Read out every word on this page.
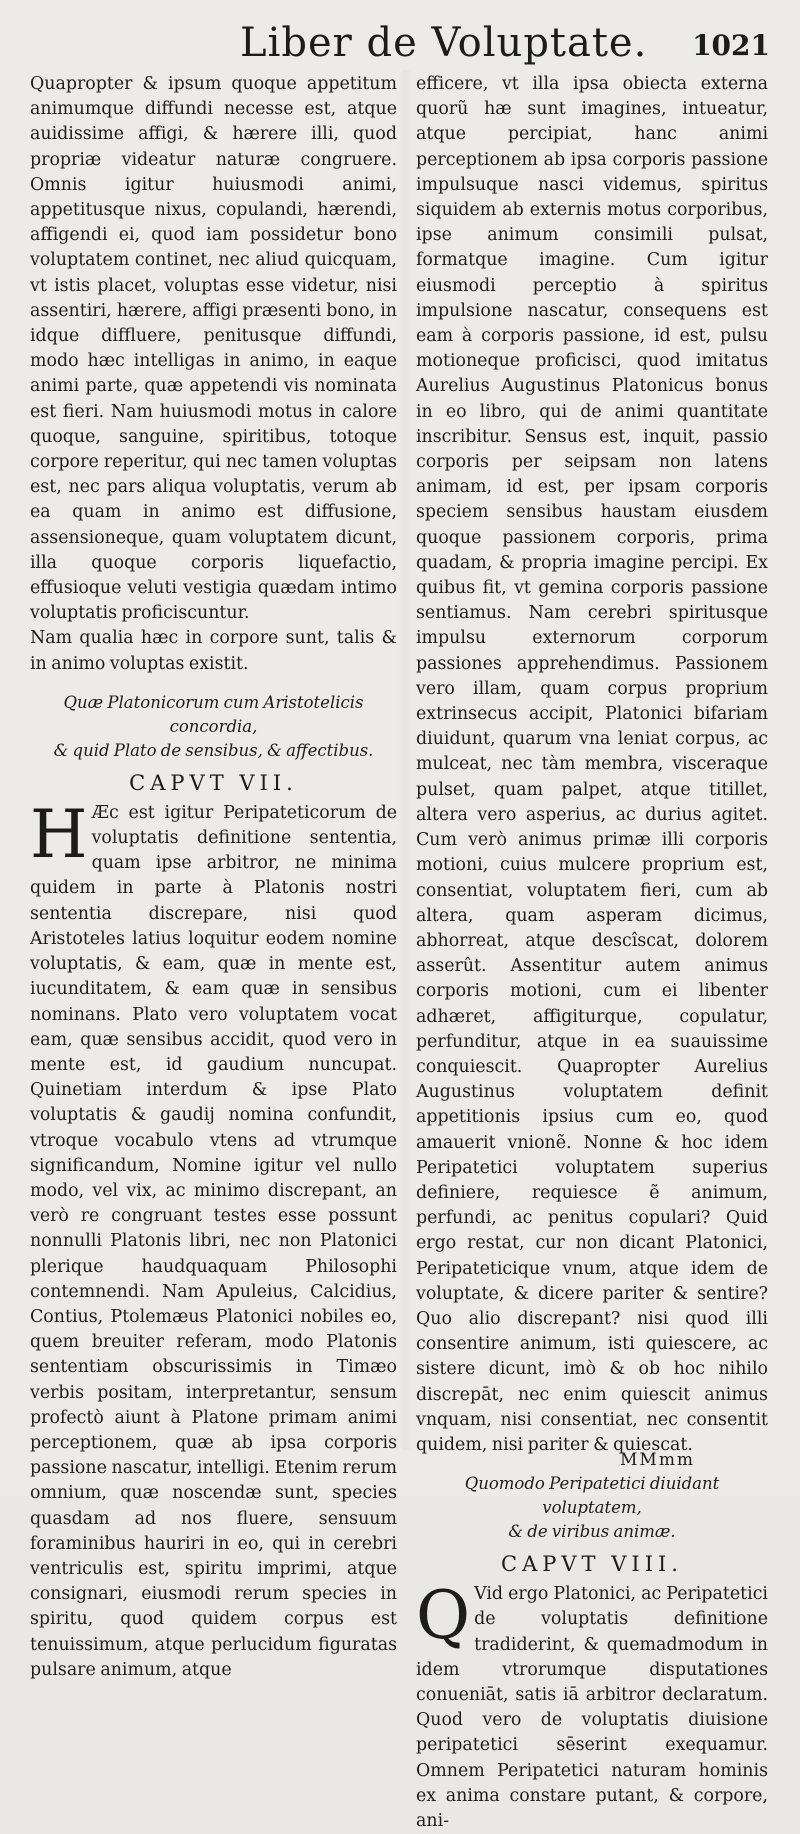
Liber de Voluptate. 1021

Quapropter & ipsum quoque appetitum animumque diffundi necesse est, atque auidissime affigi, & hærere illi, quod propriæ videatur naturæ congruere. Omnis igitur huiusmodi animi, appetitusque nixus, copulandi, hærendi, affigendi ei, quod iam possidetur bono voluptatem continet, nec aliud quicquam, vt istis placet, voluptas esse videtur, nisi assentiri, hærere, affigi præsenti bono, in idque diffluere, penitusque diffundi, modo hæc intelligas in animo, in eaque animi parte, quæ appetendi vis nominata est fieri. Nam huiusmodi motus in calore quoque, sanguine, spiritibus, totoque corpore reperitur, qui nec tamen voluptas est, nec pars aliqua voluptatis, verum ab ea quam in animo est diffusione, assensioneque, quam voluptatem dicunt, illa quoque corporis liquefactio, effusioque veluti vestigia quædam intimo voluptatis proficiscuntur.

Nam qualia hæc in corpore sunt, talis & in animo voluptas existit.

Quæ Platonicorum cum Aristotelicis concordia,
& quid Plato de sensibus, & affectibus.
CAPVT VII.

H Æc est igitur Peripateticorum de voluptatis definitione sententia, quam ipse arbitror, ne minima quidem in parte à Platonis nostri sententia discrepare, nisi quod Aristoteles latius loquitur eodem nomine voluptatis, & eam, quæ in mente est, iucunditatem, & eam quæ in sensibus nominans. Plato vero voluptatem vocat eam, quæ sensibus accidit, quod vero in mente est, id gaudium nuncupat. Quinetiam interdum & ipse Plato voluptatis & gaudij nomina confundit, vtroque vocabulo vtens ad vtrumque significandum, Nomine igitur vel nullo modo, vel vix, ac minimo discrepant, an verò re congruant testes esse possunt nonnulli Platonis libri, nec non Platonici plerique haudquaquam Philosophi contemnendi. Nam Apuleius, Calcidius, Contius, Ptolemæus Platonici nobiles eo, quem breuiter referam, modo Platonis sententiam obscurissimis in Timæo verbis positam, interpretantur, sensum profectò aiunt à Platone primam animi perceptionem, quæ ab ipsa corporis passione nascatur, intelligi. Etenim rerum omnium, quæ noscendæ sunt, species quasdam ad nos fluere, sensuum foraminibus hauriri in eo, qui in cerebri ventriculis est, spiritu imprimi, atque consignari, eiusmodi rerum species in spiritu, quod quidem corpus est tenuissimum, atque perlucidum figuratas pulsare animum, atque

efficere, vt illa ipsa obiecta externa quorũ hæ sunt imagines, intueatur, atque percipiat, hanc animi perceptionem ab ipsa corporis passione impulsuque nasci videmus, spiritus siquidem ab externis motus corporibus, ipse animum consimili pulsat, formatque imagine. Cum igitur eiusmodi perceptio à spiritus impulsione nascatur, consequens est eam à corporis passione, id est, pulsu motioneque proficisci, quod imitatus Aurelius Augustinus Platonicus bonus in eo libro, qui de animi quantitate inscribitur. Sensus est, inquit, passio corporis per seipsam non latens animam, id est, per ipsam corporis speciem sensibus haustam eiusdem quoque passionem corporis, prima quadam, & propria imagine percipi. Ex quibus fit, vt gemina corporis passione sentiamus. Nam cerebri spiritusque impulsu externorum corporum passiones apprehendimus. Passionem vero illam, quam corpus proprium extrinsecus accipit, Platonici bifariam diuidunt, quarum vna leniat corpus, ac mulceat, nec tàm membra, visceraque pulset, quam palpet, atque titillet, altera vero asperius, ac durius agitet. Cum verò animus primæ illi corporis motioni, cuius mulcere proprium est, consentiat, voluptatem fieri, cum ab altera, quam asperam dicimus, abhorreat, atque descîscat, dolorem asserût. Assentitur autem animus corporis motioni, cum ei libenter adhæret, affigiturque, copulatur, perfunditur, atque in ea suauissime conquiescit. Quapropter Aurelius Augustinus voluptatem definit appetitionis ipsius cum eo, quod amauerit vnionẽ. Nonne & hoc idem Peripatetici voluptatem superius definiere, requiesce ẽ animum, perfundi, ac penitus copulari? Quid ergo restat, cur non dicant Platonici, Peripateticique vnum, atque idem de voluptate, & dicere pariter & sentire? Quo alio discrepant? nisi quod illi consentire animum, isti quiescere, ac sistere dicunt, imò & ob hoc nihilo discrepāt, nec enim quiescit animus vnquam, nisi consentiat, nec consentit quidem, nisi pariter & quiescat.

Quomodo Peripatetici diuidant voluptatem,
& de viribus animæ.
CAPVT VIII.

Q Vid ergo Platonici, ac Peripatetici de voluptatis definitione tradiderint, & quemadmodum in idem vtrorumque disputationes conueniāt, satis iā arbitror declaratum. Quod vero de voluptatis diuisione peripatetici sēserint exequamur. Omnem Peripatetici naturam hominis ex anima constare putant, & corpore, ani-

MMmm
